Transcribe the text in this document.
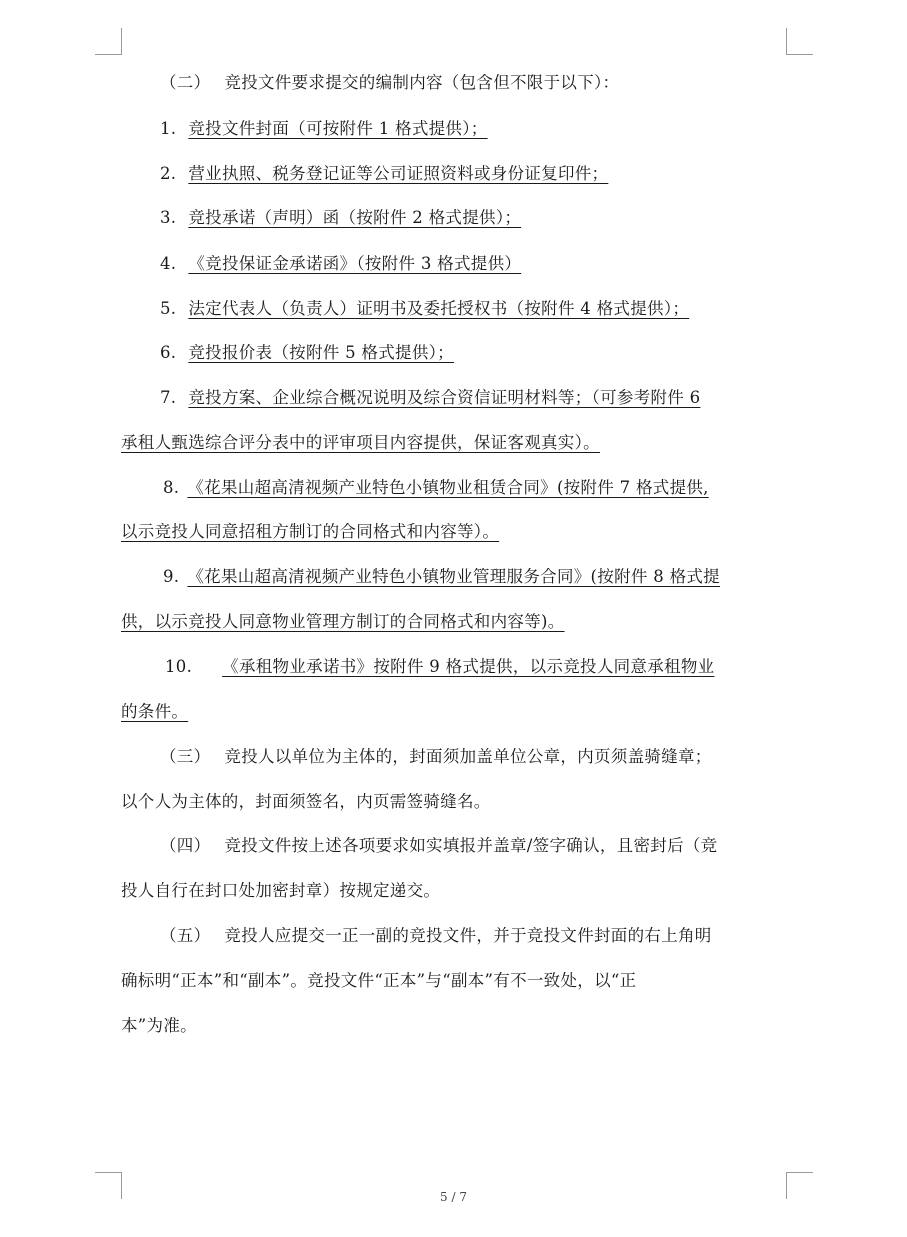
（二） 竞投文件要求提交的编制内容（包含但不限于以下）：
1. 竞投文件封面（可按附件 1 格式提供）；
2. 营业执照、税务登记证等公司证照资料或身份证复印件；
3. 竞投承诺（声明）函（按附件 2 格式提供）；
4. 《竞投保证金承诺函》（按附件 3 格式提供）
5. 法定代表人（负责人）证明书及委托授权书（按附件 4 格式提供）；
6. 竞投报价表（按附件 5 格式提供）；
7. 竞投方案、企业综合概况说明及综合资信证明材料等；（可参考附件 6
承租人甄选综合评分表中的评审项目内容提供，保证客观真实）。
8. 《花果山超高清视频产业特色小镇物业租赁合同》(按附件 7 格式提供,
以示竞投人同意招租方制订的合同格式和内容等）。
9. 《花果山超高清视频产业特色小镇物业管理服务合同》(按附件 8 格式提
供，以示竞投人同意物业管理方制订的合同格式和内容等)。
10. 《承租物业承诺书》按附件 9 格式提供，以示竞投人同意承租物业
的条件。
（三） 竞投人以单位为主体的，封面须加盖单位公章，内页须盖骑缝章；
以个人为主体的，封面须签名，内页需签骑缝名。
（四） 竞投文件按上述各项要求如实填报并盖章/签字确认，且密封后（竞
投人自行在封口处加密封章）按规定递交。
（五） 竞投人应提交一正一副的竞投文件，并于竞投文件封面的右上角明
确标明“正本”和“副本”。竞投文件“正本”与“副本”有不一致处，以“正
本”为准。
5 / 7
